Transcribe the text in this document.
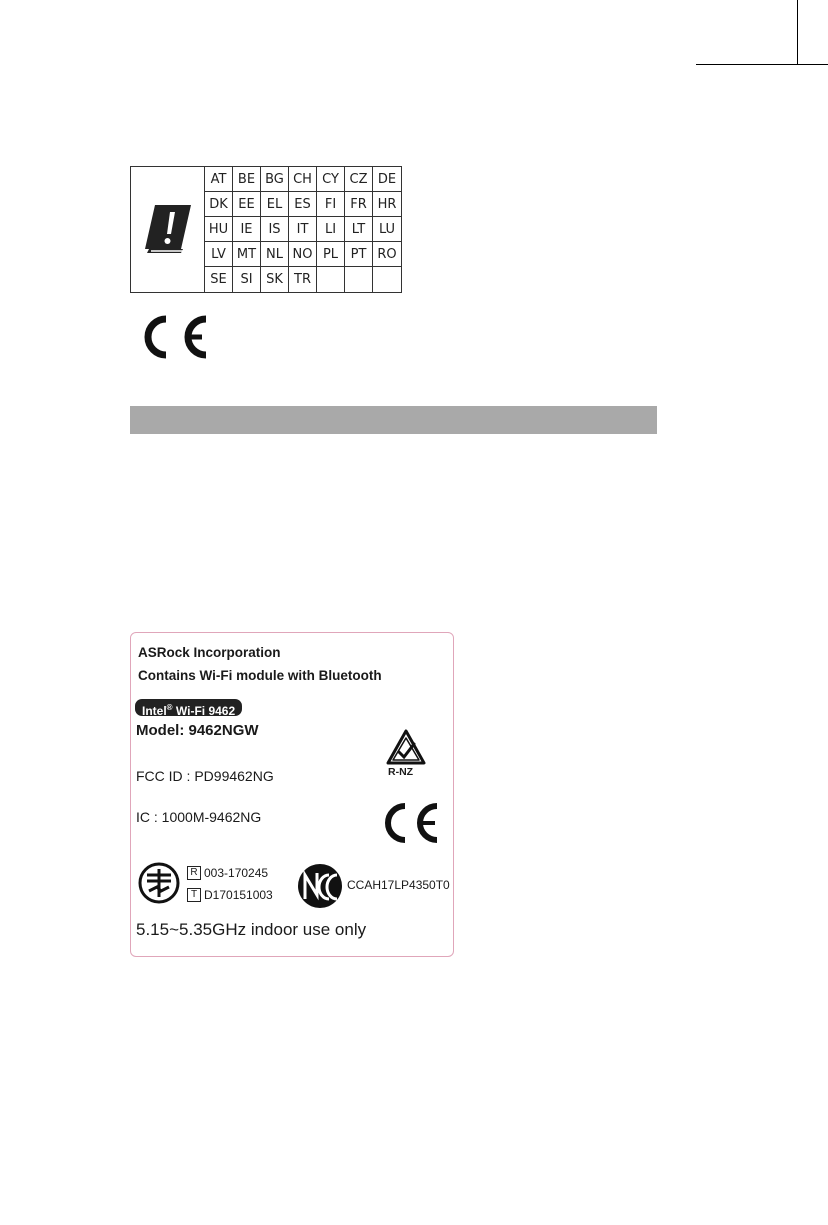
AT BE BG CH CY CZ DE
DK EE EL ES	FI	FR HR
HU IE	IS	IT	LI	LT	LU
LV MT NL NO PL PT RO
SE	SI	SK TR
ASRock Incorporation
Contains Wi-Fi module with Bluetooth
Intel® Wi-Fi 9462
Model: 9462NGW
FCC ID : PD99462NG
IC : 1000M-9462NG
R-NZ
R 003-170245
T D170151003
CCAH17LP4350T0
5.15~5.35GHz indoor use only
